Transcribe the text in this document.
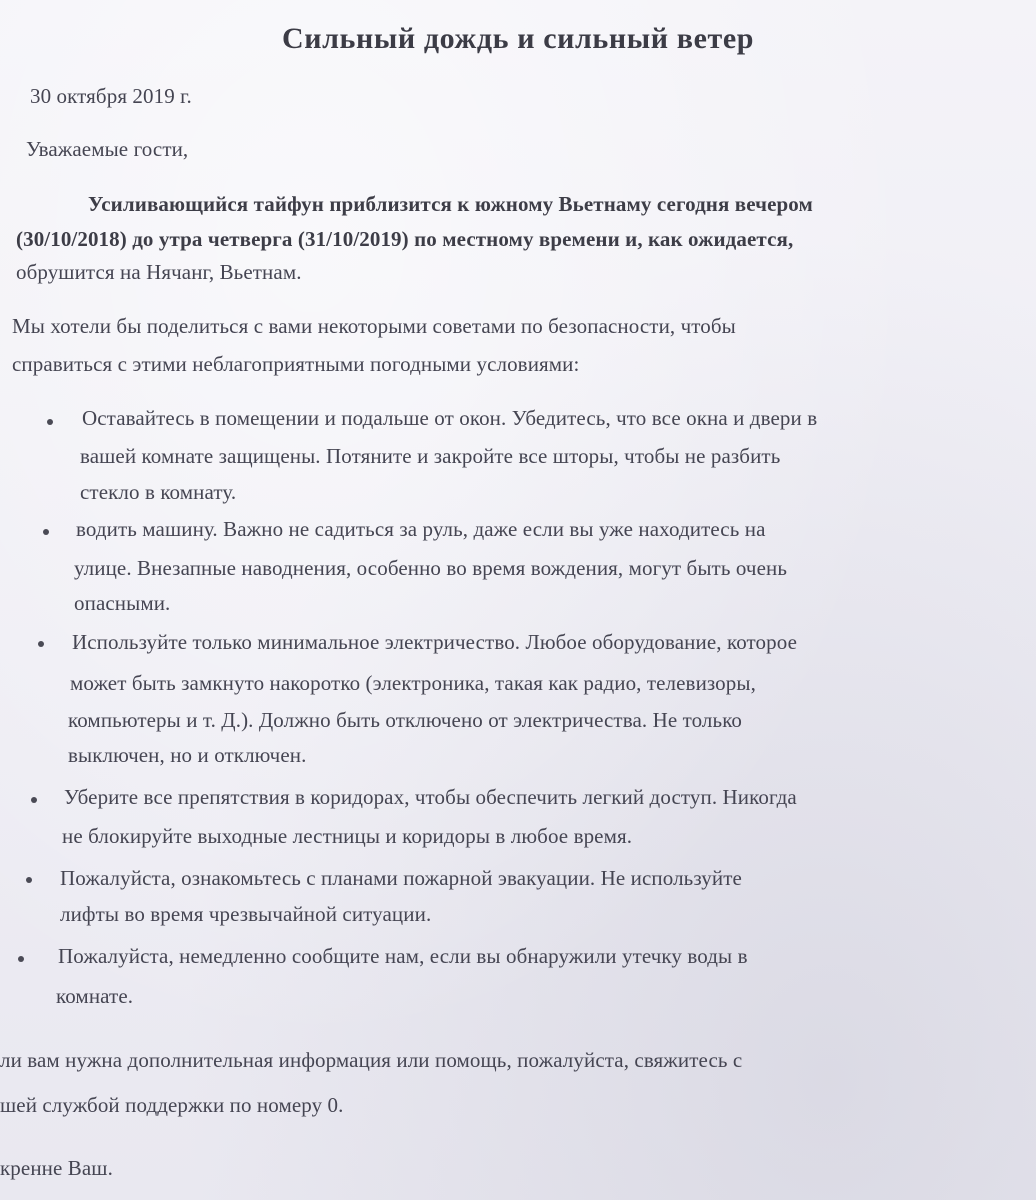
Сильный дождь и сильный ветер
30 октября 2019 г.
Уважаемые гости,
Усиливающийся тайфун приблизится к южному Вьетнаму сегодня вечером
(30/10/2018) до утра четверга (31/10/2019) по местному времени и, как ожидается,
обрушится на Нячанг, Вьетнам.
Мы хотели бы поделиться с вами некоторыми советами по безопасности, чтобы
справиться с этими неблагоприятными погодными условиями:
Оставайтесь в помещении и подальше от окон. Убедитесь, что все окна и двери в
вашей комнате защищены. Потяните и закройте все шторы, чтобы не разбить
стекло в комнату.
водить машину. Важно не садиться за руль, даже если вы уже находитесь на
улице. Внезапные наводнения, особенно во время вождения, могут быть очень
опасными.
Используйте только минимальное электричество. Любое оборудование, которое
может быть замкнуто накоротко (электроника, такая как радио, телевизоры,
компьютеры и т. Д.). Должно быть отключено от электричества. Не только
выключен, но и отключен.
Уберите все препятствия в коридорах, чтобы обеспечить легкий доступ. Никогда
не блокируйте выходные лестницы и коридоры в любое время.
Пожалуйста, ознакомьтесь с планами пожарной эвакуации. Не используйте
лифты во время чрезвычайной ситуации.
Пожалуйста, немедленно сообщите нам, если вы обнаружили утечку воды в
комнате.
ли вам нужна дополнительная информация или помощь, пожалуйста, свяжитесь с
шей службой поддержки по номеру 0.
кренне Ваш.
